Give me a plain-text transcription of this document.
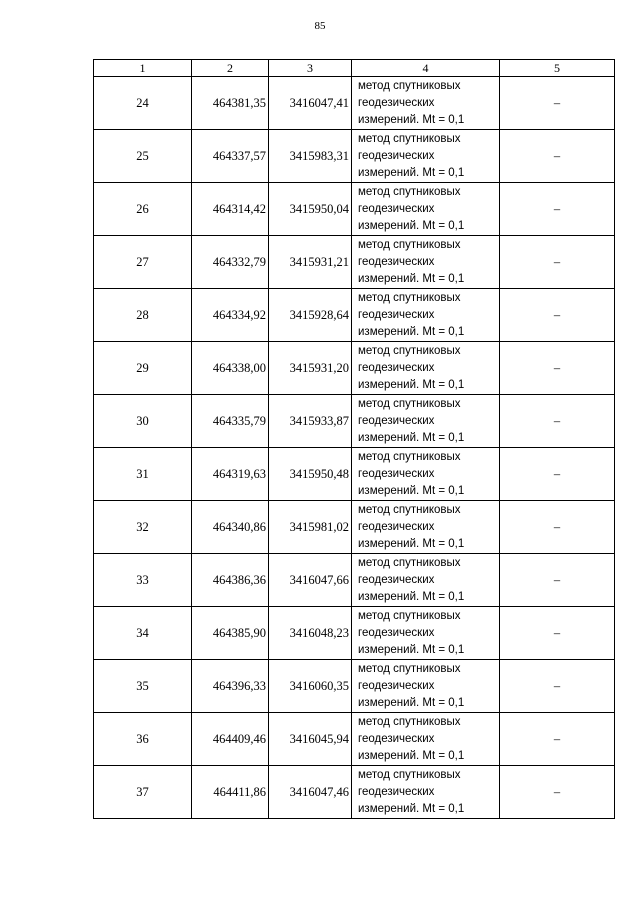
85
1	2	3	4	5
24	464381,35	3416047,41	метод спутниковых
геодезических
измерений. Mt = 0,1	–
25	464337,57	3415983,31	метод спутниковых
геодезических
измерений. Mt = 0,1	–
26	464314,42	3415950,04	метод спутниковых
геодезических
измерений. Mt = 0,1	–
27	464332,79	3415931,21	метод спутниковых
геодезических
измерений. Mt = 0,1	–
28	464334,92	3415928,64	метод спутниковых
геодезических
измерений. Mt = 0,1	–
29	464338,00	3415931,20	метод спутниковых
геодезических
измерений. Mt = 0,1	–
30	464335,79	3415933,87	метод спутниковых
геодезических
измерений. Mt = 0,1	–
31	464319,63	3415950,48	метод спутниковых
геодезических
измерений. Mt = 0,1	–
32	464340,86	3415981,02	метод спутниковых
геодезических
измерений. Mt = 0,1	–
33	464386,36	3416047,66	метод спутниковых
геодезических
измерений. Mt = 0,1	–
34	464385,90	3416048,23	метод спутниковых
геодезических
измерений. Mt = 0,1	–
35	464396,33	3416060,35	метод спутниковых
геодезических
измерений. Mt = 0,1	–
36	464409,46	3416045,94	метод спутниковых
геодезических
измерений. Mt = 0,1	–
37	464411,86	3416047,46	метод спутниковых
геодезических
измерений. Mt = 0,1	–
